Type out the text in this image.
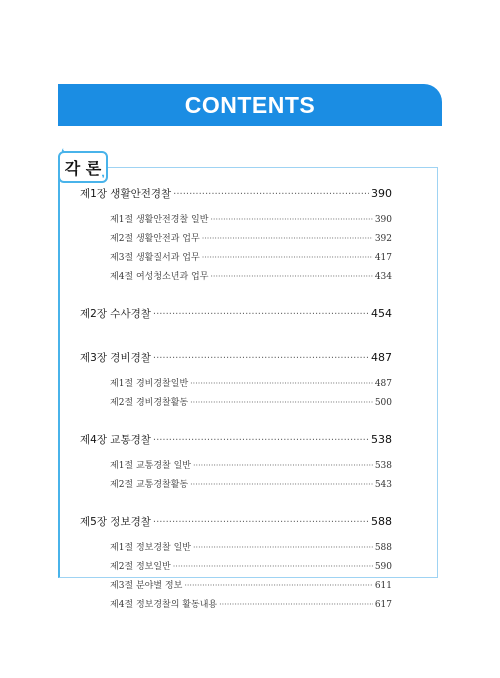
CONTENTS
❛
각 론
❜
제1장 생활안전경찰 ·····	390
제1절 생활안전경찰 일반 ·····	390
제2절 생활안전과 업무 ·····	392
제3절 생활질서과 업무 ·····	417
제4절 여성청소년과 업무 ·····	434
제2장 수사경찰 ·····	454
제3장 경비경찰 ·····	487
제1절 경비경찰일반 ·····	487
제2절 경비경찰활동 ·····	500
제4장 교통경찰 ·····	538
제1절 교통경찰 일반 ·····	538
제2절 교통경찰활동 ·····	543
제5장 정보경찰 ·····	588
제1절 정보경찰 일반 ·····	588
제2절 정보일반 ·····	590
제3절 분야별 정보 ·····	611
제4절 정보경찰의 활동내용 ·····	617
